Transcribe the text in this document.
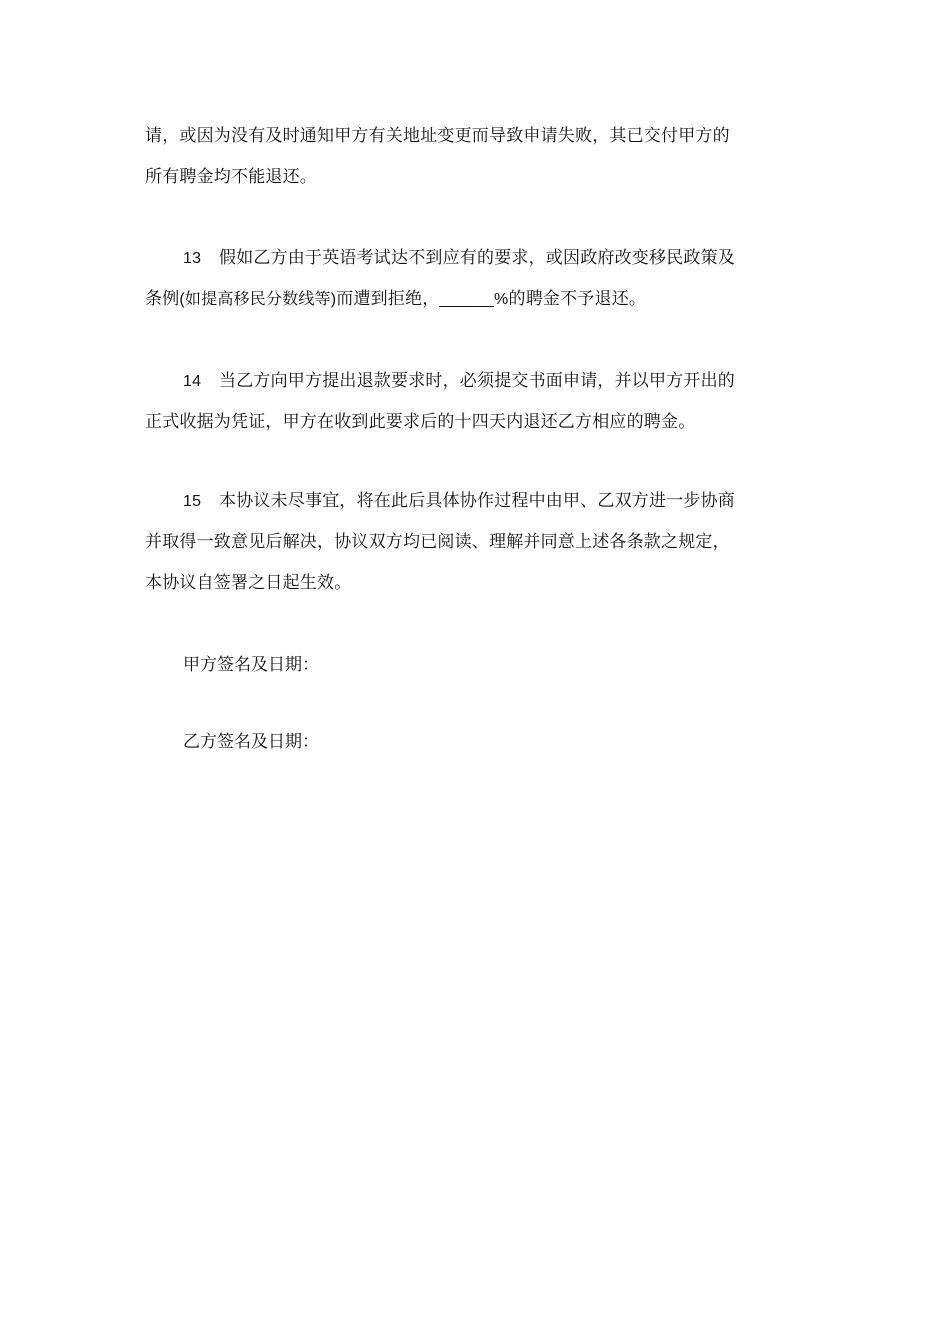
请，或因为没有及时通知甲方有关地址变更而导致申请失败，其已交付甲方的
所有聘金均不能退还。
13 假如乙方由于英语考试达不到应有的要求，或因政府改变移民政策及
条例(如提高移民分数线等)而遭到拒绝，______%的聘金不予退还。
14 当乙方向甲方提出退款要求时，必须提交书面申请，并以甲方开出的
正式收据为凭证，甲方在收到此要求后的十四天内退还乙方相应的聘金。
15 本协议未尽事宜，将在此后具体协作过程中由甲、乙双方进一步协商
并取得一致意见后解决，协议双方均已阅读、理解并同意上述各条款之规定，
本协议自签署之日起生效。

甲方签名及日期：

乙方签名及日期：
